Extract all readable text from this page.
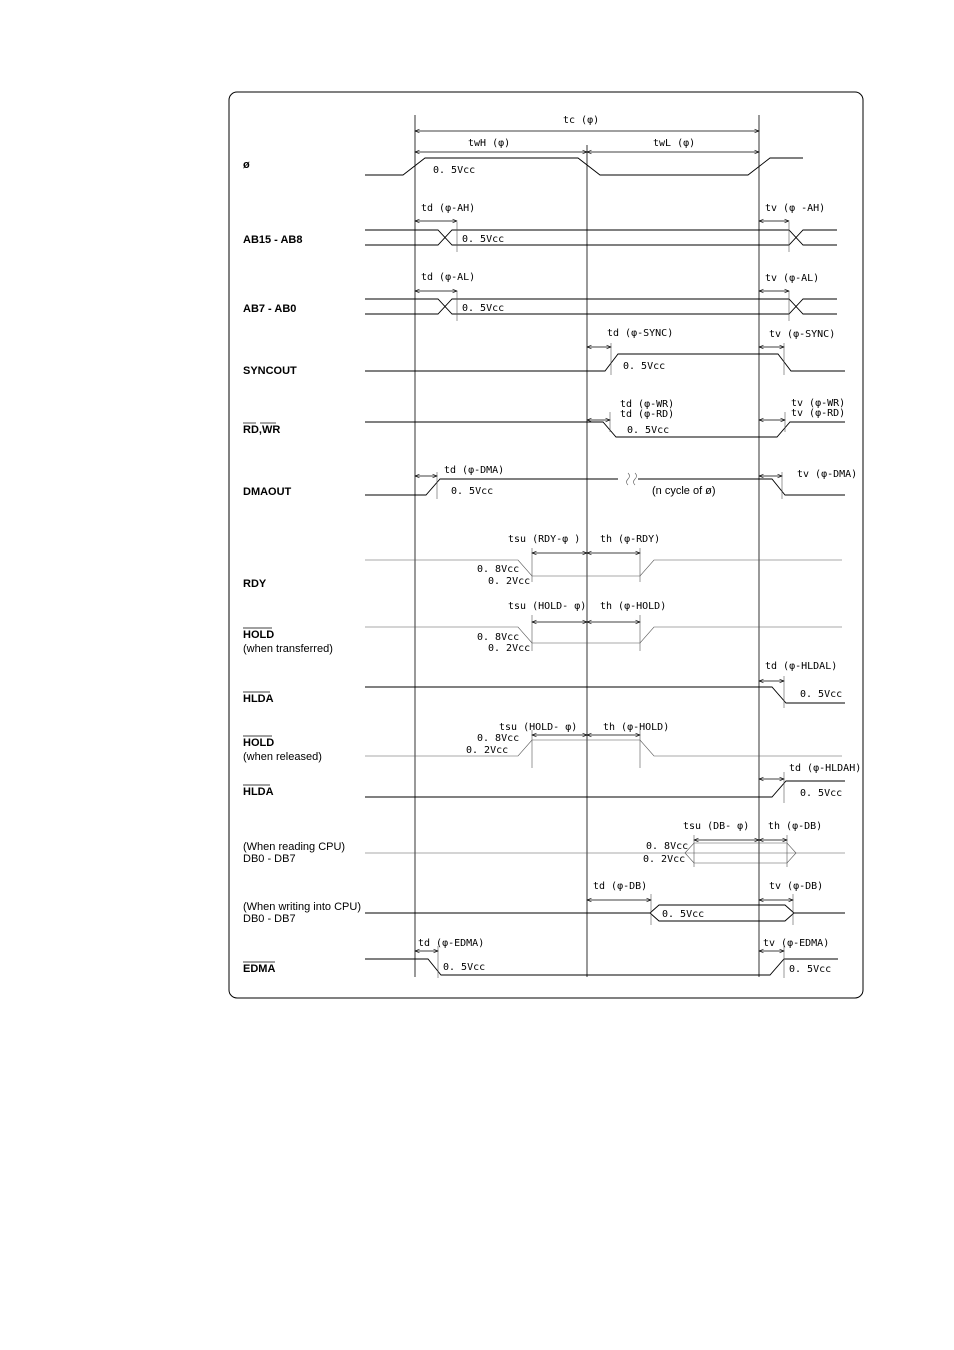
ø
AB15 - AB8
AB7 - AB0
SYNCOUT
RD,WR
DMAOUT
RDY
HOLD
(when transferred)
HLDA
HOLD
(when released)
HLDA
(When reading CPU)
DB0 - DB7
(When writing into CPU)
DB0 - DB7
EDMA
tc (φ)
twH (φ)	twL (φ)
0. 5Vcc
td (φ-AH)	tv (φ -AH)
0. 5Vcc
td (φ-AL)	tv (φ-AL)
0. 5Vcc
td (φ-SYNC)	tv (φ-SYNC)
0. 5Vcc
td (φ-WR)
td (φ-RD)
tv (φ-WR)
tv (φ-RD)
0. 5Vcc
td (φ-DMA)	tv (φ-DMA)
0. 5Vcc	(n cycle of ø)
tsu (RDY-φ ) th (φ-RDY)
0. 8Vcc
0. 2Vcc
tsu (HOLD- φ) th (φ-HOLD)
0. 8Vcc
0. 2Vcc
td (φ-HLDAL)
0. 5Vcc
tsu (HOLD- φ)	th (φ-HOLD)
0. 8Vcc
0. 2Vcc
td (φ-HLDAH)
0. 5Vcc
tsu (DB- φ) th (φ-DB)
0. 8Vcc
0. 2Vcc
td (φ-DB)	tv (φ-DB)
0. 5Vcc
td (φ-EDMA)	tv (φ-EDMA)
0. 5Vcc	0. 5Vcc
